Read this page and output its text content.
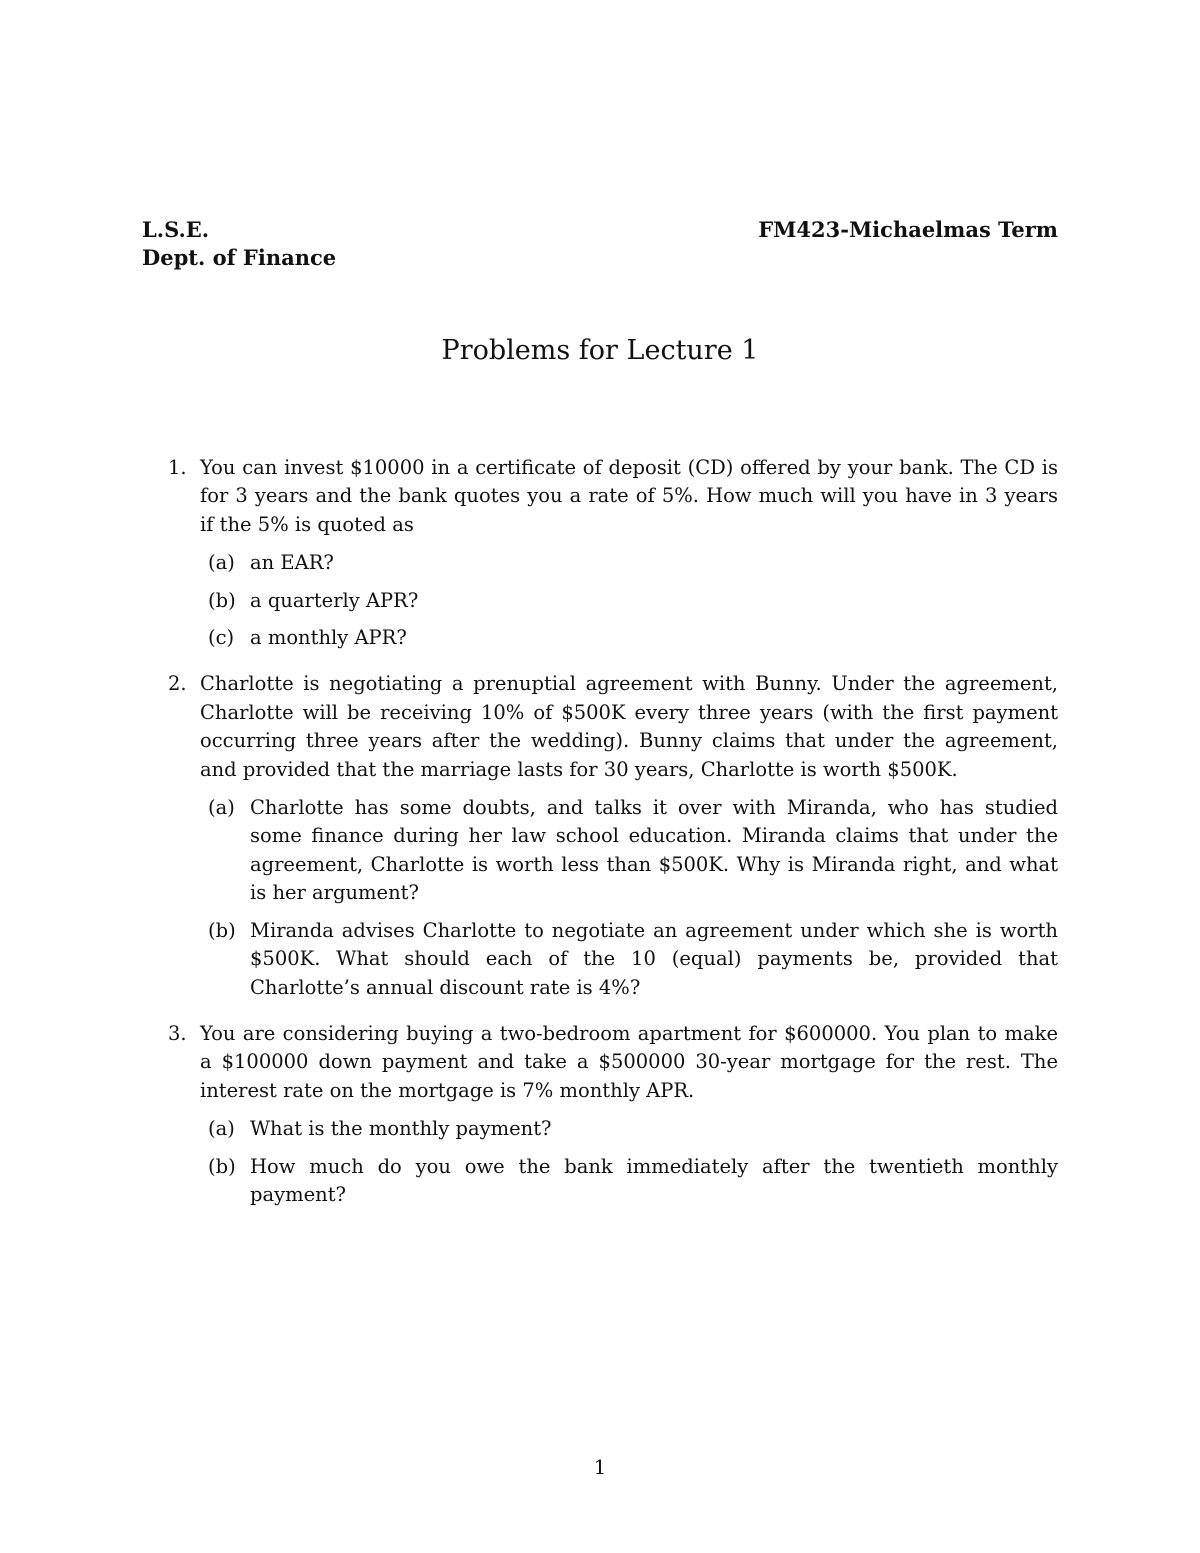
L.S.E.
Dept. of Finance
FM423-Michaelmas Term
Problems for Lecture 1
1. You can invest $10000 in a certificate of deposit (CD) offered by your bank. The CD is for 3 years and the bank quotes you a rate of 5%. How much will you have in 3 years if the 5% is quoted as
(a) an EAR?
(b) a quarterly APR?
(c) a monthly APR?
2. Charlotte is negotiating a prenuptial agreement with Bunny. Under the agreement, Charlotte will be receiving 10% of $500K every three years (with the first payment occurring three years after the wedding). Bunny claims that under the agreement, and provided that the marriage lasts for 30 years, Charlotte is worth $500K.
(a) Charlotte has some doubts, and talks it over with Miranda, who has studied some finance during her law school education. Miranda claims that under the agreement, Charlotte is worth less than $500K. Why is Miranda right, and what is her argument?
(b) Miranda advises Charlotte to negotiate an agreement under which she is worth $500K. What should each of the 10 (equal) payments be, provided that Charlotte’s annual discount rate is 4%?
3. You are considering buying a two-bedroom apartment for $600000. You plan to make a $100000 down payment and take a $500000 30-year mortgage for the rest. The interest rate on the mortgage is 7% monthly APR.
(a) What is the monthly payment?
(b) How much do you owe the bank immediately after the twentieth monthly payment?
1
